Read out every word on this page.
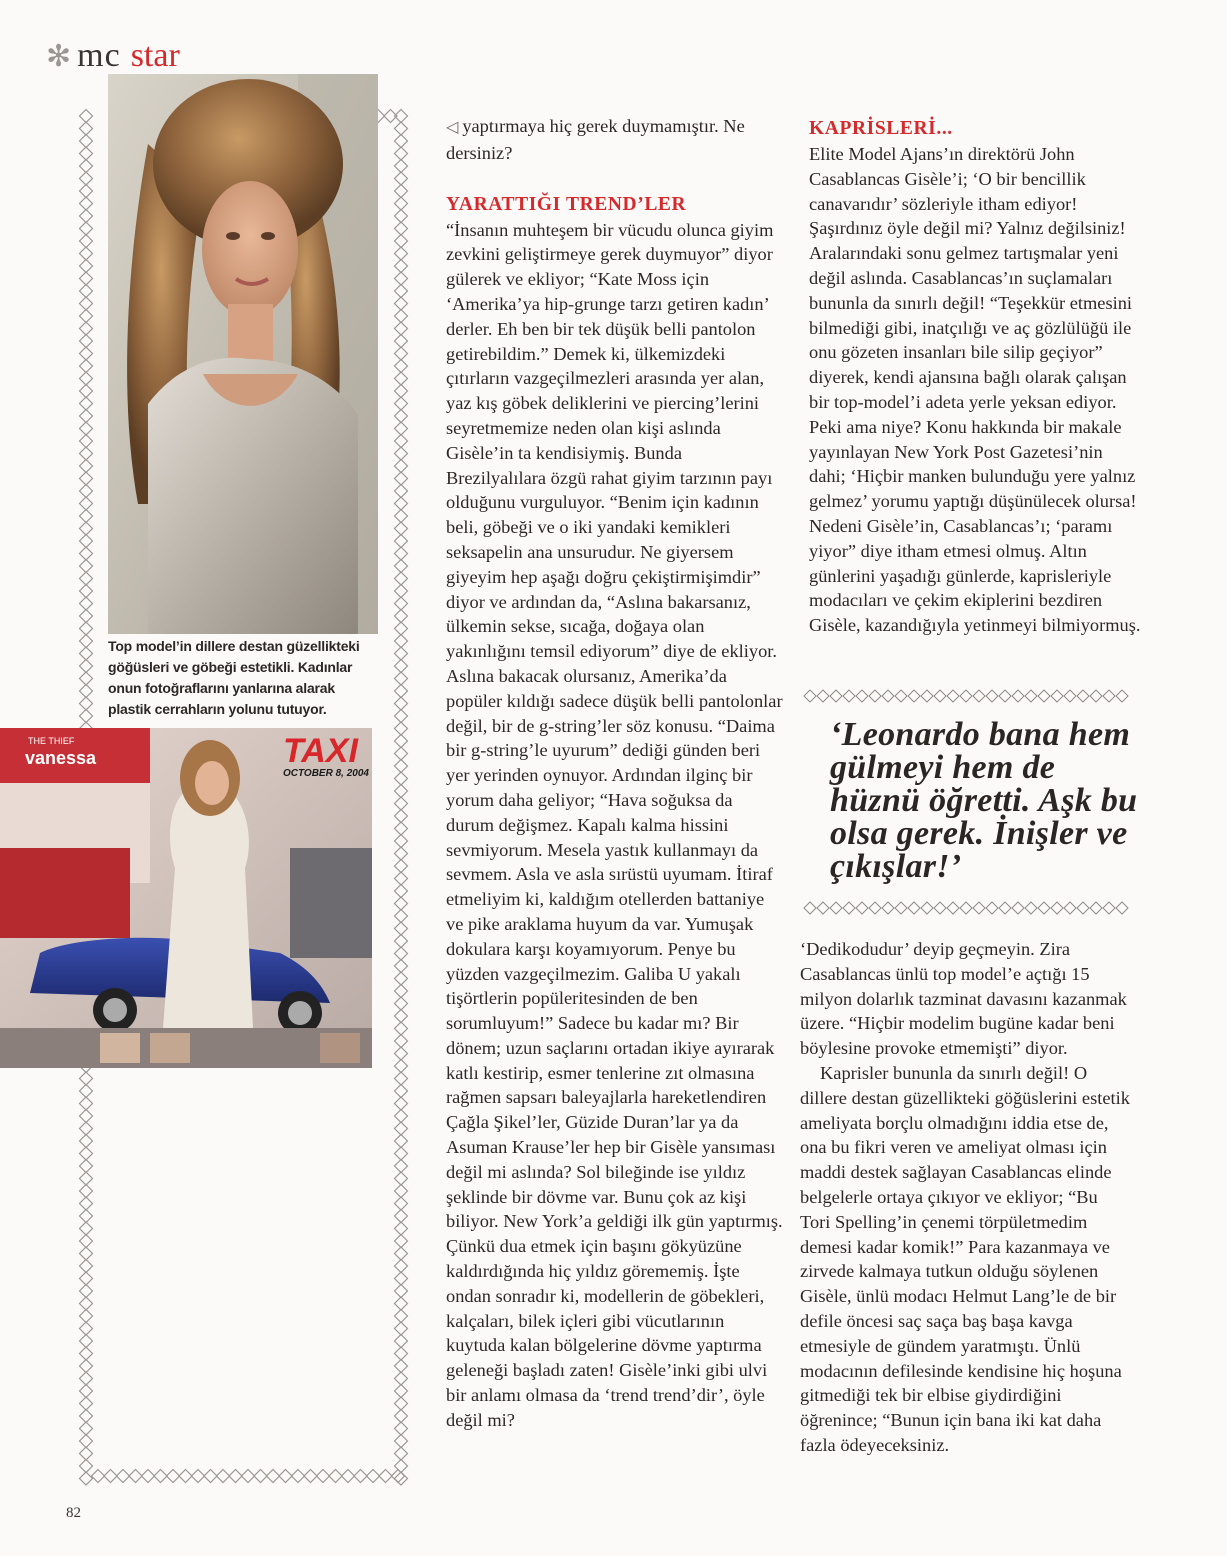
✻ mc star
Top model’in dillere destan güzellikteki göğüsleri ve göbeği estetikli. Kadınlar onun fotoğraflarını yanlarına alarak plastik cerrahların yolunu tutuyor.
THE THIEF
vanessa	TAXI
OCTOBER 8, 2004

◁ yaptırmaya hiç gerek duymamıştır. Ne dersiniz?

YARATTIĞI TREND’LER

“İnsanın muhteşem bir vücudu olunca giyim zevkini geliştirmeye gerek duymuyor” diyor gülerek ve ekliyor; “Kate Moss için ‘Amerika’ya hip-grunge tarzı getiren kadın’ derler. Eh ben bir tek düşük belli pantolon getirebildim.” Demek ki, ülkemizdeki çıtırların vazgeçilmezleri arasında yer alan, yaz kış göbek deliklerini ve piercing’lerini seyretmemize neden olan kişi aslında Gisèle’in ta kendisiymiş. Bunda Brezilyalılara özgü rahat giyim tarzının payı olduğunu vurguluyor. “Benim için kadının beli, göbeği ve o iki yandaki kemikleri seksapelin ana unsurudur. Ne giyersem giyeyim hep aşağı doğru çekiştirmişimdir” diyor ve ardından da, “Aslına bakarsanız, ülkemin sekse, sıcağa, doğaya olan yakınlığını temsil ediyorum” diye de ekliyor. Aslına bakacak olursanız, Amerika’da popüler kıldığı sadece düşük belli pantolonlar değil, bir de g-string’ler söz konusu. “Daima bir g-string’le uyurum” dediği günden beri yer yerinden oynuyor. Ardından ilginç bir yorum daha geliyor; “Hava soğuksa da durum değişmez. Kapalı kalma hissini sevmiyorum. Mesela yastık kullanmayı da sevmem. Asla ve asla sırüstü uyumam. İtiraf etmeliyim ki, kaldığım otellerden battaniye ve pike araklama huyum da var. Yumuşak dokulara karşı koyamıyorum. Penye bu yüzden vazgeçilmezim. Galiba U yakalı tişörtlerin popüleritesinden de ben sorumluyum!” Sadece bu kadar mı? Bir dönem; uzun saçlarını ortadan ikiye ayırarak katlı kestirip, esmer tenlerine zıt olmasına rağmen sapsarı baleyajlarla hareketlendiren Çağla Şikel’ler, Güzide Duran’lar ya da Asuman Krause’ler hep bir Gisèle yansıması değil mi aslında? Sol bileğinde ise yıldız şeklinde bir dövme var. Bunu çok az kişi biliyor. New York’a geldiği ilk gün yaptırmış. Çünkü dua etmek için başını gökyüzüne kaldırdığında hiç yıldız görememiş. İşte ondan sonradır ki, modellerin de göbekleri, kalçaları, bilek içleri gibi vücutlarının kuytuda kalan bölgelerine dövme yaptırma geleneği başladı zaten! Gisèle’inki gibi ulvi bir anlamı olmasa da ‘trend trend’dir’, öyle değil mi?

KAPRİSLERİ...

Elite Model Ajans’ın direktörü John Casablancas Gisèle’i; ‘O bir bencillik canavarıdır’ sözleriyle itham ediyor! Şaşırdınız öyle değil mi? Yalnız değilsiniz! Aralarındaki sonu gelmez tartışmalar yeni değil aslında. Casablancas’ın suçlamaları bununla da sınırlı değil! “Teşekkür etmesini bilmediği gibi, inatçılığı ve aç gözlülüğü ile onu gözeten insanları bile silip geçiyor” diyerek, kendi ajansına bağlı olarak çalışan bir top-model’i adeta yerle yeksan ediyor. Peki ama niye? Konu hakkında bir makale yayınlayan New York Post Gazetesi’nin dahi; ‘Hiçbir manken bulunduğu yere yalnız gelmez’ yorumu yaptığı düşünülecek olursa! Nedeni Gisèle’in, Casablancas’ı; ‘paramı yiyor” diye itham etmesi olmuş. Altın günlerini yaşadığı günlerde, kaprisleriyle modacıları ve çekim ekiplerini bezdiren Gisèle, kazandığıyla yetinmeyi bilmiyormuş.

‘Leonardo bana hem gülmeyi hem de hüznü öğretti. Aşk bu olsa gerek. İnişler ve çıkışlar!’

‘Dedikodudur’ deyip geçmeyin. Zira Casablancas ünlü top model’e açtığı 15 milyon dolarlık tazminat davasını kazanmak üzere. “Hiçbir modelim bugüne kadar beni böylesine provoke etmemişti” diyor.

Kaprisler bununla da sınırlı değil! O dillere destan güzellikteki göğüslerini estetik ameliyata borçlu olmadığını iddia etse de, ona bu fikri veren ve ameliyat olması için maddi destek sağlayan Casablancas elinde belgelerle ortaya çıkıyor ve ekliyor; “Bu Tori Spelling’in çenemi törpületmedim demesi kadar komik!” Para kazanmaya ve zirvede kalmaya tutkun olduğu söylenen Gisèle, ünlü modacı Helmut Lang’le de bir defile öncesi saç saça baş başa kavga etmesiyle de gündem yaratmıştı. Ünlü modacının defilesinde kendisine hiç hoşuna gitmediği tek bir elbise giydirdiğini öğrenince; “Bunun için bana iki kat daha fazla ödeyeceksiniz.

82
